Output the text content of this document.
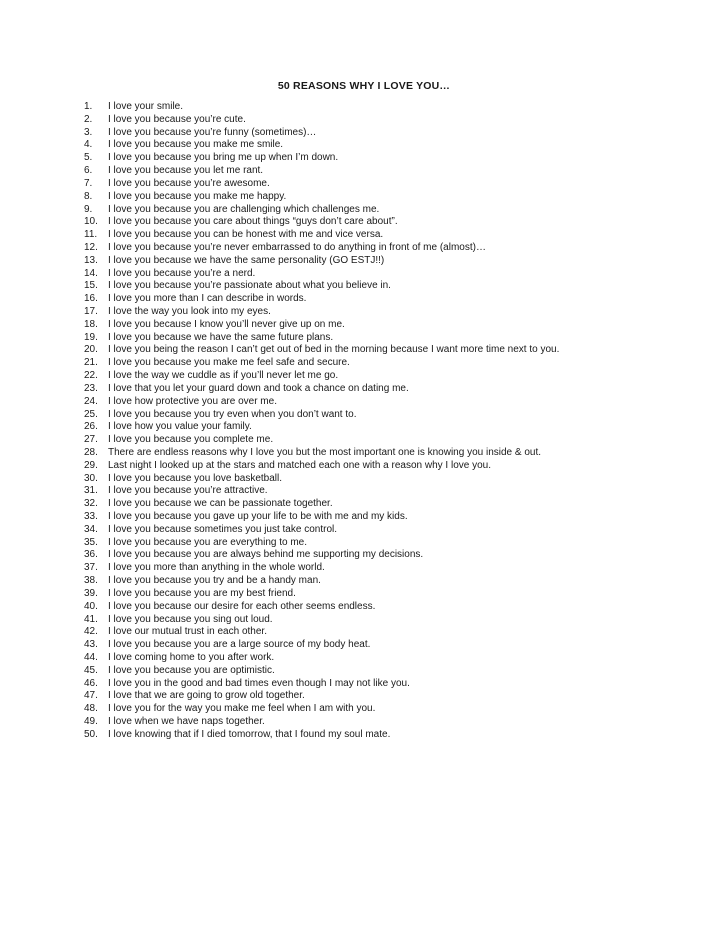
50 REASONS WHY I LOVE YOU…
1.	I love your smile.
2.	I love you because you’re cute.
3.	I love you because you’re funny (sometimes)…
4.	I love you because you make me smile.
5.	I love you because you bring me up when I’m down.
6.	I love you because you let me rant.
7.	I love you because you’re awesome.
8.	I love you because you make me happy.
9.	I love you because you are challenging which challenges me.
10.	I love you because you care about things “guys don’t care about”.
11.	I love you because you can be honest with me and vice versa.
12.	I love you because you’re never embarrassed to do anything in front of me (almost)…
13.	I love you because we have the same personality (GO ESTJ!!)
14.	I love you because you’re a nerd.
15.	I love you because you’re passionate about what you believe in.
16.	I love you more than I can describe in words.
17.	I love the way you look into my eyes.
18.	I love you because I know you’ll never give up on me.
19.	I love you because we have the same future plans.
20.	I love you being the reason I can’t get out of bed in the morning because I want more time next to you.
21.	I love you because you make me feel safe and secure.
22.	I love the way we cuddle as if you’ll never let me go.
23.	I love that you let your guard down and took a chance on dating me.
24.	I love how protective you are over me.
25.	I love you because you try even when you don’t want to.
26.	I love how you value your family.
27.	I love you because you complete me.
28.	There are endless reasons why I love you but the most important one is knowing you inside & out.
29.	Last night I looked up at the stars and matched each one with a reason why I love you.
30.	I love you because you love basketball.
31.	I love you because you’re attractive.
32.	I love you because we can be passionate together.
33.	I love you because you gave up your life to be with me and my kids.
34.	I love you because sometimes you just take control.
35.	I love you because you are everything to me.
36.	I love you because you are always behind me supporting my decisions.
37.	I love you more than anything in the whole world.
38.	I love you because you try and be a handy man.
39.	I love you because you are my best friend.
40.	I love you because our desire for each other seems endless.
41.	I love you because you sing out loud.
42.	I love our mutual trust in each other.
43.	I love you because you are a large source of my body heat.
44.	I love coming home to you after work.
45.	I love you because you are optimistic.
46.	I love you in the good and bad times even though I may not like you.
47.	I love that we are going to grow old together.
48.	I love you for the way you make me feel when I am with you.
49.	I love when we have naps together.
50.	I love knowing that if I died tomorrow, that I found my soul mate.
